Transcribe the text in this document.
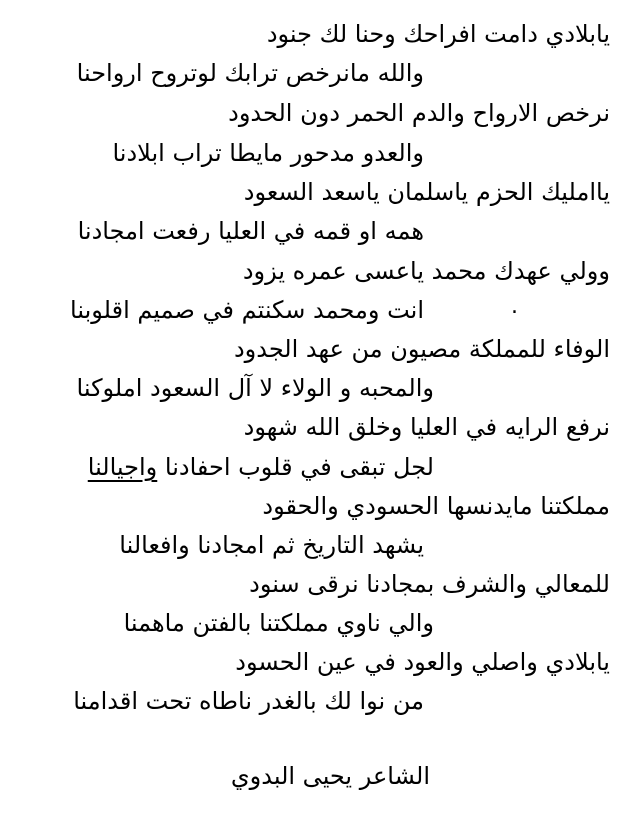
يابلادي دامت افراحك وحنا لك جنود
والله مانرخص ترابك لوتروح ارواحنا
نرخص الارواح والدم الحمر دون الحدود
والعدو مدحور مايطا تراب ابلادنا
ياامليك الحزم ياسلمان ياسعد السعود
همه او قمه في العليا رفعت امجادنا
وولي عهدك محمد ياعسى عمره يزود
انت ومحمد سكنتم في صميم اقلوبنا	.
الوفاء للمملكة مصيون من عهد الجدود
والمحبه و الولاء لا آل السعود املوكنا
نرفع الرايه في العليا وخلق الله شهود
لجل تبقى في قلوب احفادنا واجيالنا
مملكتنا مايدنسها الحسودي والحقود
يشهد التاريخ ثم امجادنا وافعالنا
للمعالي والشرف بمجادنا نرقى سنود
والي ناوي مملكتنا بالفتن ماهمنا
يابلادي واصلي والعود في عين الحسود
من نوا لك بالغدر ناطاه تحت اقدامنا
الشاعر يحيى البدوي
